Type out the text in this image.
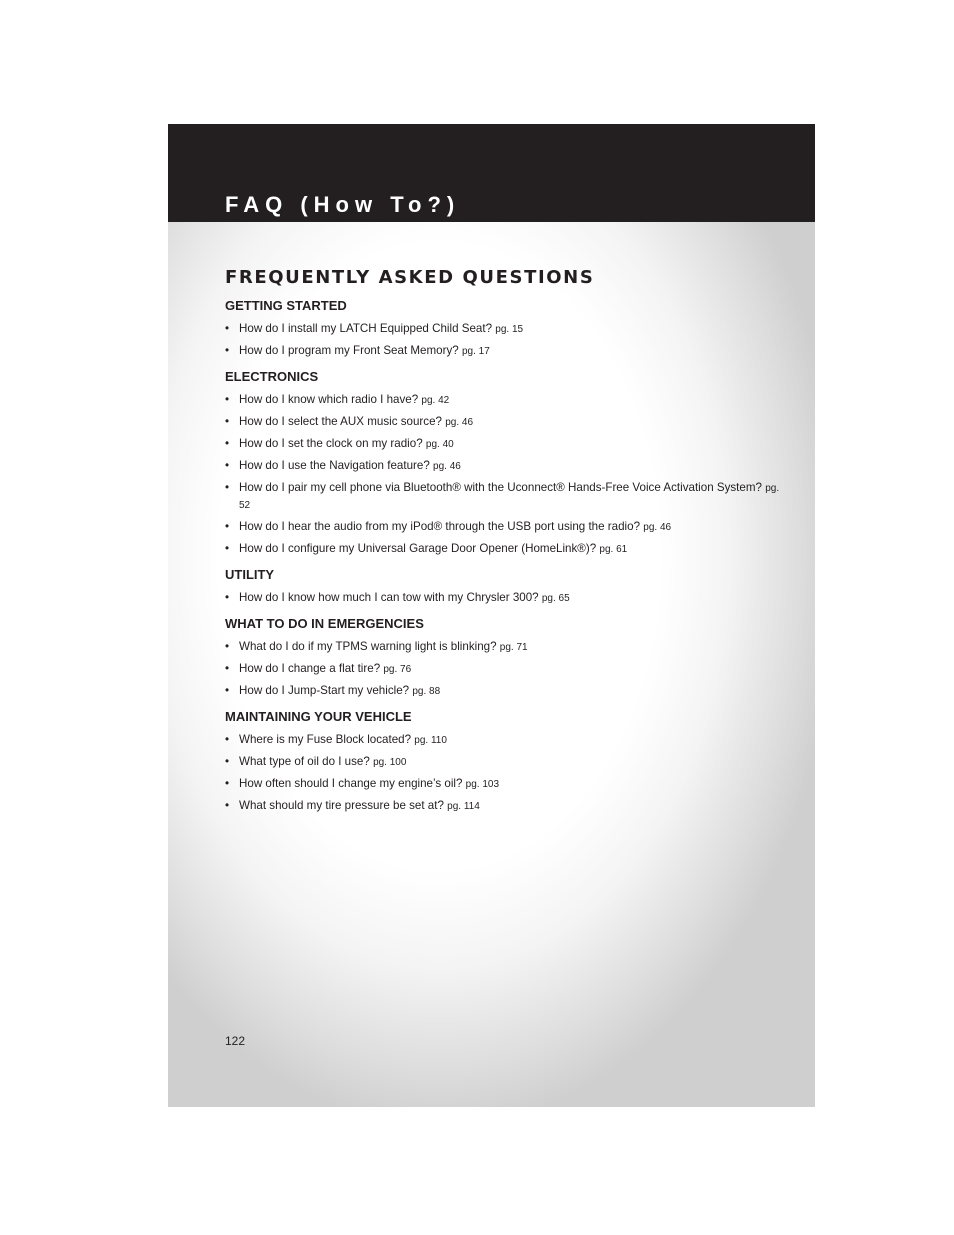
FAQ (How To?)
FREQUENTLY ASKED QUESTIONS
GETTING STARTED
• How do I install my LATCH Equipped Child Seat? pg. 15
• How do I program my Front Seat Memory? pg. 17
ELECTRONICS
• How do I know which radio I have? pg. 42
• How do I select the AUX music source? pg. 46
• How do I set the clock on my radio? pg. 40
• How do I use the Navigation feature? pg. 46
• How do I pair my cell phone via Bluetooth® with the Uconnect® Hands-Free Voice Activation System? pg. 52
• How do I hear the audio from my iPod® through the USB port using the radio? pg. 46
• How do I configure my Universal Garage Door Opener (HomeLink®)? pg. 61
UTILITY
• How do I know how much I can tow with my Chrysler 300? pg. 65
WHAT TO DO IN EMERGENCIES
• What do I do if my TPMS warning light is blinking? pg. 71
• How do I change a flat tire? pg. 76
• How do I Jump-Start my vehicle? pg. 88
MAINTAINING YOUR VEHICLE
• Where is my Fuse Block located? pg. 110
• What type of oil do I use? pg. 100
• How often should I change my engine’s oil? pg. 103
• What should my tire pressure be set at? pg. 114
122
